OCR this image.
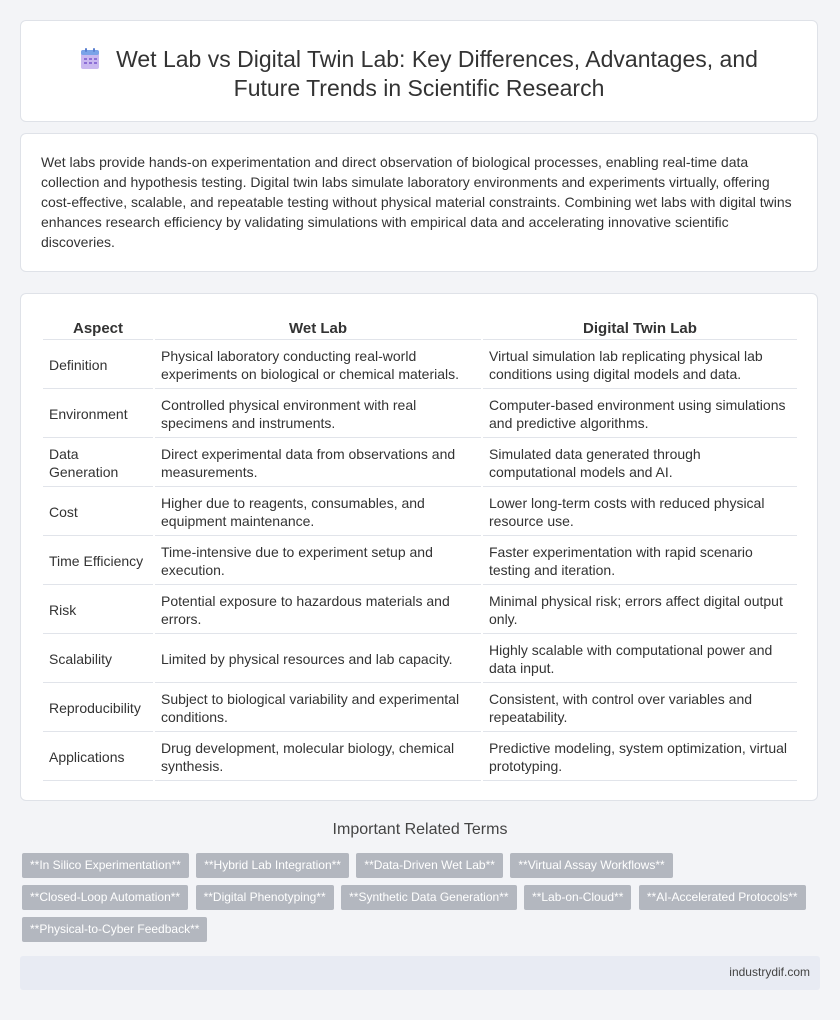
Wet Lab vs Digital Twin Lab: Key Differences, Advantages, and Future Trends in Scientific Research

Wet labs provide hands-on experimentation and direct observation of biological processes, enabling real-time data collection and hypothesis testing. Digital twin labs simulate laboratory environments and experiments virtually, offering cost-effective, scalable, and repeatable testing without physical material constraints. Combining wet labs with digital twins enhances research efficiency by validating simulations with empirical data and accelerating innovative scientific discoveries.

Aspect	Wet Lab	Digital Twin Lab
Definition	Physical laboratory conducting real-world experiments on biological or chemical materials.	Virtual simulation lab replicating physical lab conditions using digital models and data.
Environment	Controlled physical environment with real specimens and instruments.	Computer-based environment using simulations and predictive algorithms.
Data Generation	Direct experimental data from observations and measurements.	Simulated data generated through computational models and AI.
Cost	Higher due to reagents, consumables, and equipment maintenance.	Lower long-term costs with reduced physical resource use.
Time Efficiency	Time-intensive due to experiment setup and execution.	Faster experimentation with rapid scenario testing and iteration.
Risk	Potential exposure to hazardous materials and errors.	Minimal physical risk; errors affect digital output only.
Scalability	Limited by physical resources and lab capacity.	Highly scalable with computational power and data input.
Reproducibility	Subject to biological variability and experimental conditions.	Consistent, with control over variables and repeatability.
Applications	Drug development, molecular biology, chemical synthesis.	Predictive modeling, system optimization, virtual prototyping.
Important Related Terms
**In Silico Experimentation** **Hybrid Lab Integration** **Data-Driven Wet Lab** **Virtual Assay Workflows**
**Closed-Loop Automation** **Digital Phenotyping** **Synthetic Data Generation** **Lab-on-Cloud** **AI-Accelerated Protocols**
**Physical-to-Cyber Feedback**
industrydif.com
